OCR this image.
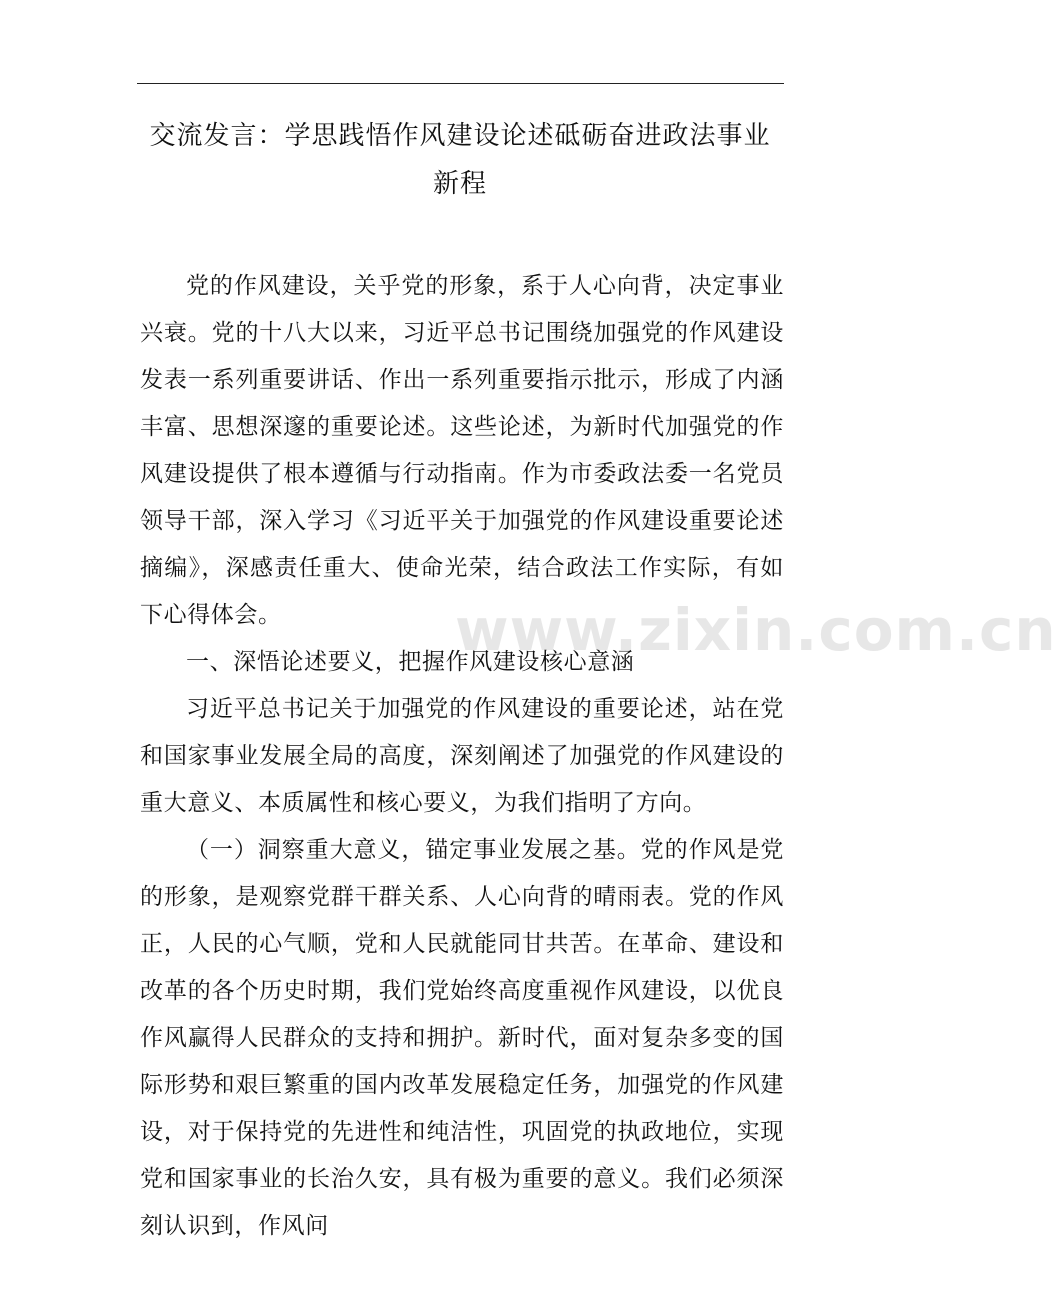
交流发言：学思践悟作风建设论述砥砺奋进政法事业新程
www.zixin.com.cn

党的作风建设，关乎党的形象，系于人心向背，决定事业兴衰。党的十八大以来，习近平总书记围绕加强党的作风建设发表一系列重要讲话、作出一系列重要指示批示，形成了内涵丰富、思想深邃的重要论述。这些论述，为新时代加强党的作风建设提供了根本遵循与行动指南。作为市委政法委一名党员领导干部，深入学习《习近平关于加强党的作风建设重要论述摘编》，深感责任重大、使命光荣，结合政法工作实际，有如下心得体会。

一、深悟论述要义，把握作风建设核心意涵

习近平总书记关于加强党的作风建设的重要论述，站在党和国家事业发展全局的高度，深刻阐述了加强党的作风建设的重大意义、本质属性和核心要义，为我们指明了方向。

（一）洞察重大意义，锚定事业发展之基。党的作风是党的形象，是观察党群干群关系、人心向背的晴雨表。党的作风正，人民的心气顺，党和人民就能同甘共苦。在革命、建设和改革的各个历史时期，我们党始终高度重视作风建设，以优良作风赢得人民群众的支持和拥护。新时代，面对复杂多变的国际形势和艰巨繁重的国内改革发展稳定任务，加强党的作风建设，对于保持党的先进性和纯洁性，巩固党的执政地位，实现党和国家事业的长治久安，具有极为重要的意义。我们必须深刻认识到，作风问
